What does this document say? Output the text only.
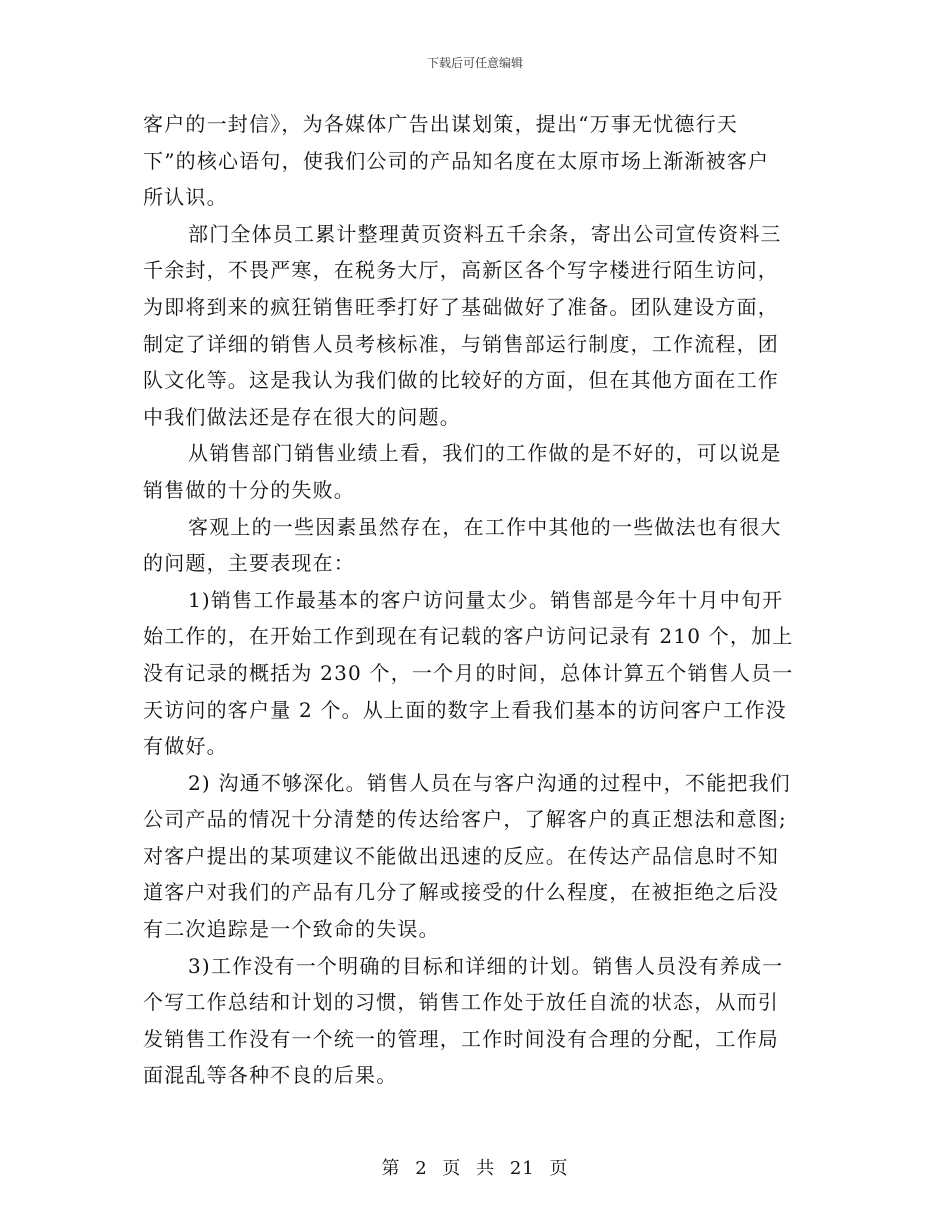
下载后可任意编辑
客户的一封信》，为各媒体广告出谋划策，提出“万事无忧德行天
下”的核心语句，使我们公司的产品知名度在太原市场上渐渐被客户
所认识。
部门全体员工累计整理黄页资料五千余条，寄出公司宣传资料三
千余封，不畏严寒，在税务大厅，高新区各个写字楼进行陌生访问，
为即将到来的疯狂销售旺季打好了基础做好了准备。团队建设方面，
制定了详细的销售人员考核标准，与销售部运行制度，工作流程，团
队文化等。这是我认为我们做的比较好的方面，但在其他方面在工作
中我们做法还是存在很大的问题。
从销售部门销售业绩上看，我们的工作做的是不好的，可以说是
销售做的十分的失败。
客观上的一些因素虽然存在，在工作中其他的一些做法也有很大
的问题，主要表现在：
1)销售工作最基本的客户访问量太少。销售部是今年十月中旬开
始工作的，在开始工作到现在有记载的客户访问记录有 210 个，加上
没有记录的概括为 230 个，一个月的时间，总体计算五个销售人员一
天访问的客户量 2 个。从上面的数字上看我们基本的访问客户工作没
有做好。
2) 沟通不够深化。销售人员在与客户沟通的过程中，不能把我们
公司产品的情况十分清楚的传达给客户，了解客户的真正想法和意图;
对客户提出的某项建议不能做出迅速的反应。在传达产品信息时不知
道客户对我们的产品有几分了解或接受的什么程度，在被拒绝之后没
有二次追踪是一个致命的失误。
3)工作没有一个明确的目标和详细的计划。销售人员没有养成一
个写工作总结和计划的习惯，销售工作处于放任自流的状态，从而引
发销售工作没有一个统一的管理，工作时间没有合理的分配，工作局
面混乱等各种不良的后果。
第 2 页 共 21 页
